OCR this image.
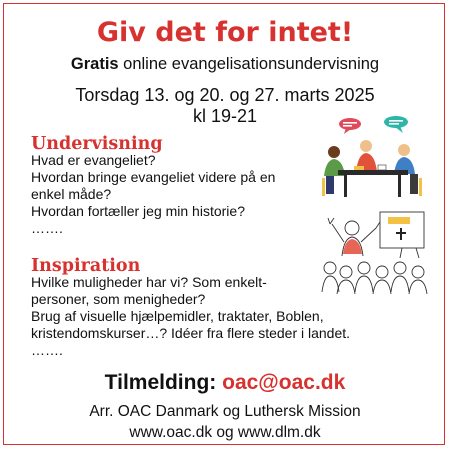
Giv det for intet!
Gratis online evangelisationsundervisning
Torsdag 13. og 20. og 27. marts 2025
kl 19-21
Undervisning
Hvad er evangeliet?
Hvordan bringe evangeliet videre på en
enkel måde?
Hvordan fortæller jeg min historie?
…….
Inspiration
Hvilke muligheder har vi? Som enkelt-
personer, som menigheder?
Brug af visuelle hjælpemidler, traktater, Boblen,
kristendomskurser…? Idéer fra flere steder i landet.
…….
Tilmelding: oac@oac.dk
Arr. OAC Danmark og Luthersk Mission
www.oac.dk og www.dlm.dk
